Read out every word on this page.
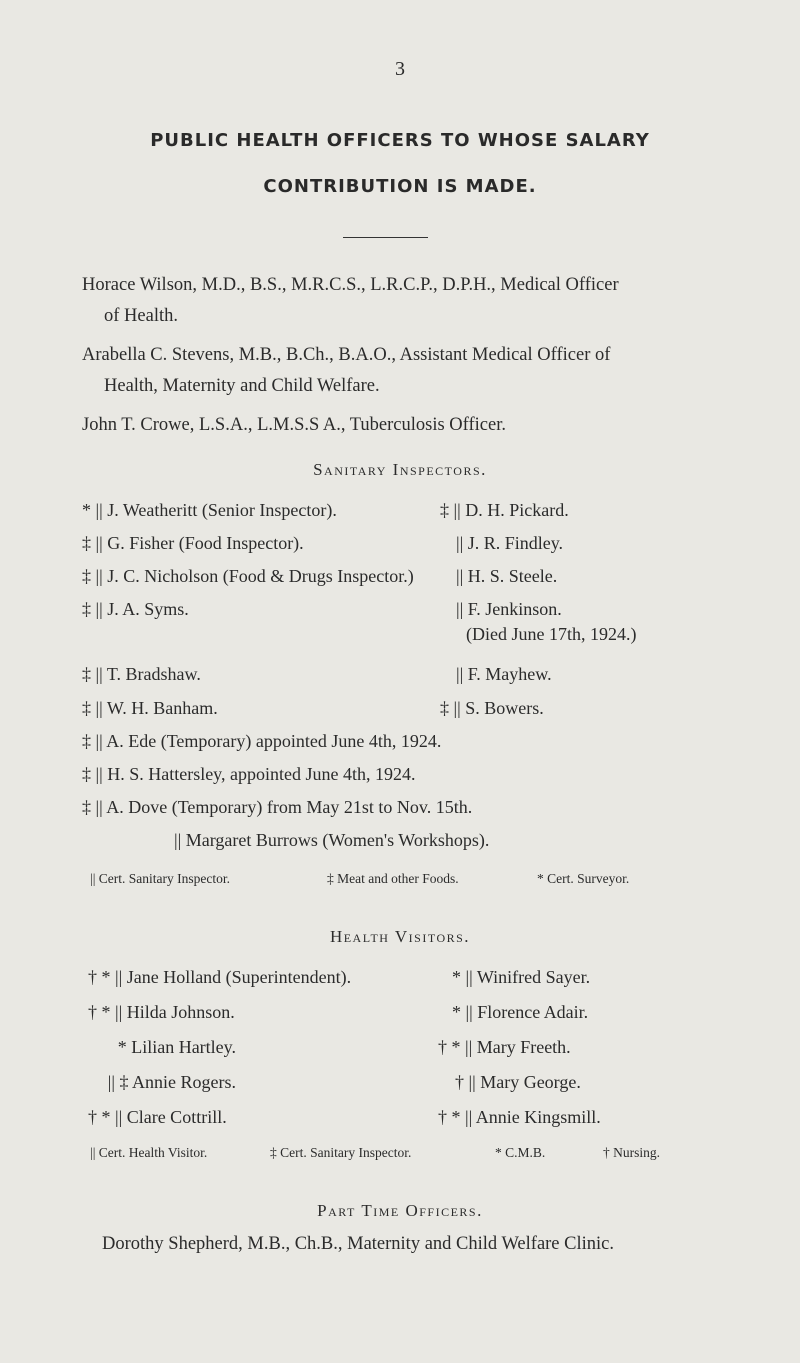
3
PUBLIC HEALTH OFFICERS TO WHOSE SALARY
CONTRIBUTION IS MADE.
Horace Wilson, M.D., B.S., M.R.C.S., L.R.C.P., D.P.H., Medical Officer
of Health.
Arabella C. Stevens, M.B., B.Ch., B.A.O., Assistant Medical Officer of
Health, Maternity and Child Welfare.
John T. Crowe, L.S.A., L.M.S.S A., Tuberculosis Officer.
Sanitary Inspectors.
* || J. Weatheritt (Senior Inspector).	‡ || D. H. Pickard.
‡ || G. Fisher (Food Inspector).	|| J. R. Findley.
‡ || J. C. Nicholson (Food & Drugs Inspector.) || H. S. Steele.
‡ || J. A. Syms.	|| F. Jenkinson.
(Died June 17th, 1924.)
‡ || T. Bradshaw.	|| F. Mayhew.
‡ || W. H. Banham.	‡ || S. Bowers.
‡ || A. Ede (Temporary) appointed June 4th, 1924.
‡ || H. S. Hattersley, appointed June 4th, 1924.
‡ || A. Dove (Temporary) from May 21st to Nov. 15th.
|| Margaret Burrows (Women's Workshops).
|| Cert. Sanitary Inspector.	‡ Meat and other Foods.	* Cert. Surveyor.
Health Visitors.
† * || Jane Holland (Superintendent).	* || Winifred Sayer.
† * || Hilda Johnson.	* || Florence Adair.
* Lilian Hartley.	† * || Mary Freeth.
|| ‡ Annie Rogers.	† || Mary George.
† * || Clare Cottrill.	† * || Annie Kingsmill.
|| Cert. Health Visitor.	‡ Cert. Sanitary Inspector.	* C.M.B.	† Nursing.
Part Time Officers.
Dorothy Shepherd, M.B., Ch.B., Maternity and Child Welfare Clinic.
